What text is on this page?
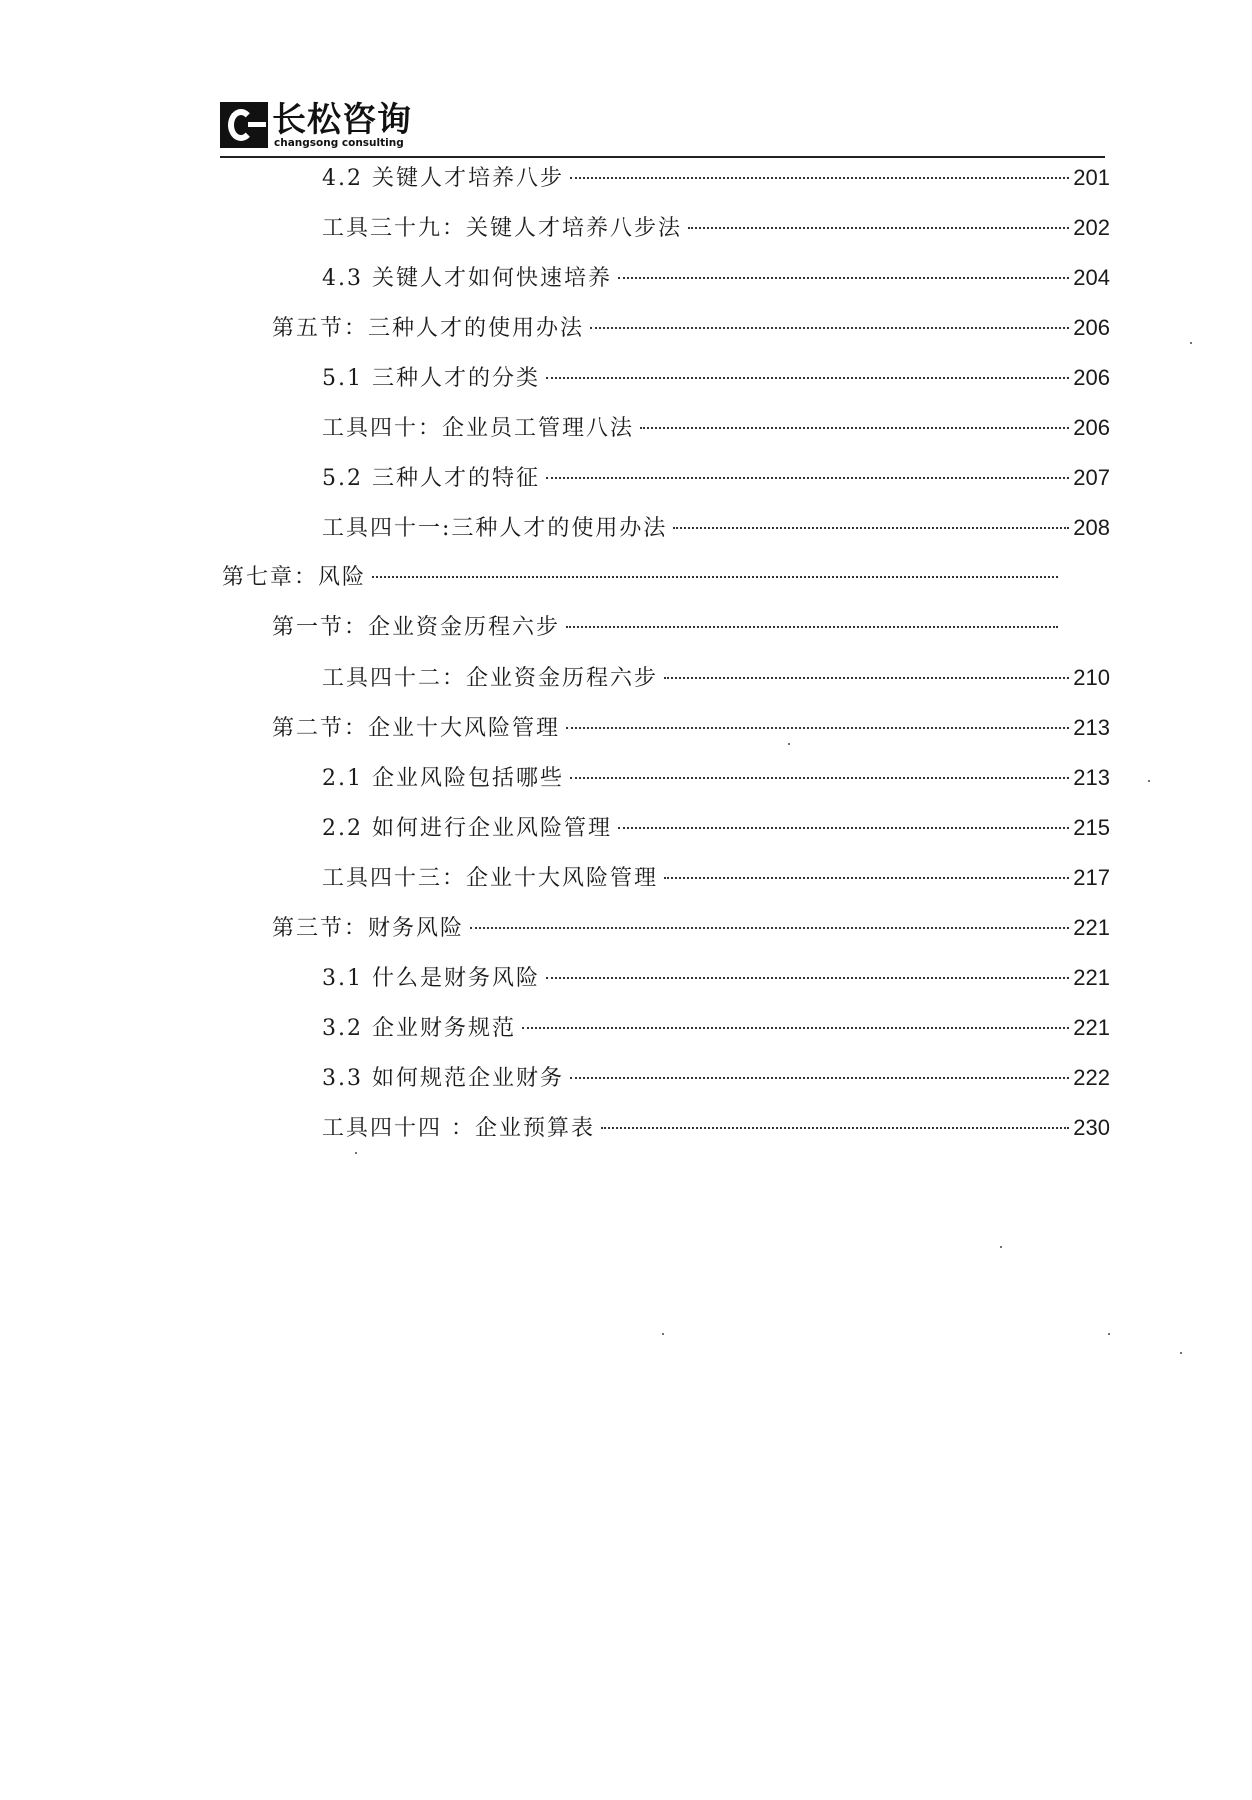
长松咨询
changsong consulting
4.2 关键人才培养八步	201
工具三十九：关键人才培养八步法	202
4.3 关键人才如何快速培养	204
第五节：三种人才的使用办法	206
5.1 三种人才的分类	206
工具四十：企业员工管理八法	206
5.2 三种人才的特征	207
工具四十一:三种人才的使用办法	208
第七章：风险
第一节：企业资金历程六步
工具四十二：企业资金历程六步	210
第二节：企业十大风险管理	213
2.1 企业风险包括哪些	213
2.2 如何进行企业风险管理	215
工具四十三：企业十大风险管理	217
第三节：财务风险	221
3.1 什么是财务风险	221
3.2 企业财务规范	221
3.3 如何规范企业财务	222
工具四十四 ：企业预算表	230
